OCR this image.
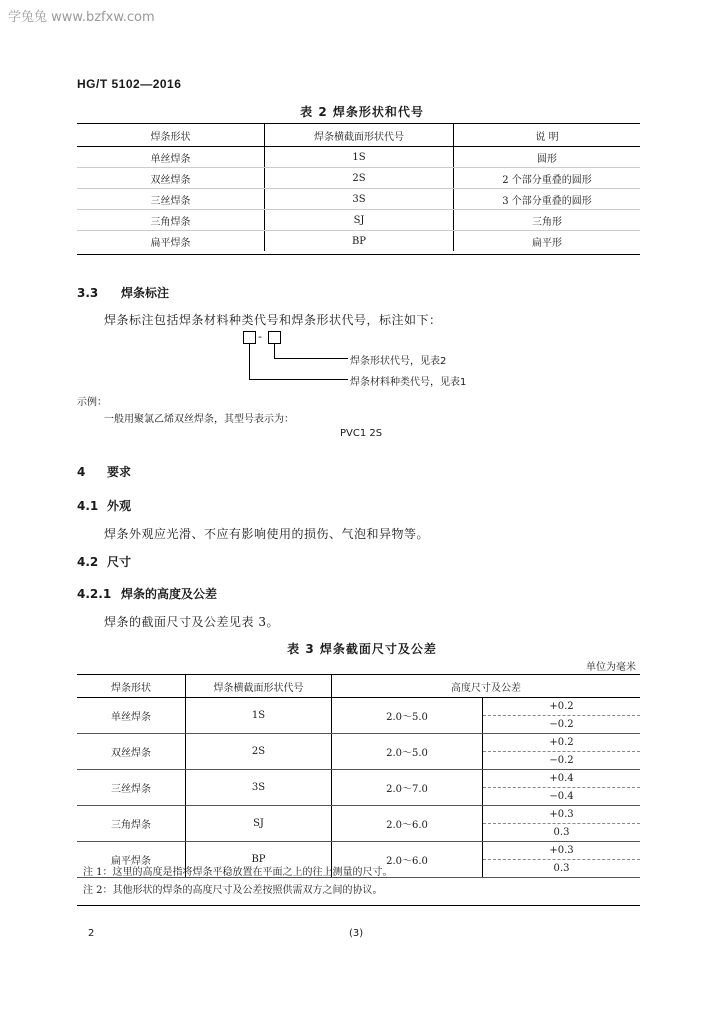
学兔兔 www.bzfxw.com
HG/T 5102—2016
表 2 焊条形状和代号
焊条形状	焊条横截面形状代号	说 明
单丝焊条	1S	圆形
双丝焊条	2S	2 个部分重叠的圆形
三丝焊条	3S	3 个部分重叠的圆形
三角焊条	SJ	三角形
扁平焊条	BP	扁平形
3.3 焊条标注
焊条标注包括焊条材料种类代号和焊条形状代号，标注如下：
-
焊条形状代号，见表2
焊条材料种类代号，见表1
示例：
一般用聚氯乙烯双丝焊条，其型号表示为：
PVC1 2S
4 要求
4.1 外观
焊条外观应光滑、不应有影响使用的损伤、气泡和异物等。
4.2 尺寸
4.2.1 焊条的高度及公差
焊条的截面尺寸及公差见表 3。
表 3 焊条截面尺寸及公差
单位为毫米
焊条形状	焊条横截面形状代号	高度尺寸及公差	
单丝焊条	1S	2.0～5.0	+0.2
−0.2

双丝焊条	2S	2.0～5.0	+0.2
−0.2

三丝焊条	3S	2.0～7.0	+0.4
−0.4

三角焊条	SJ	2.0～6.0	+0.3
0.3

扁平焊条	BP	2.0～6.0	+0.3
0.3
注 1：这里的高度是指将焊条平稳放置在平面之上的往上测量的尺寸。
注 2：其他形状的焊条的高度尺寸及公差按照供需双方之间的协议。
2	(3)
